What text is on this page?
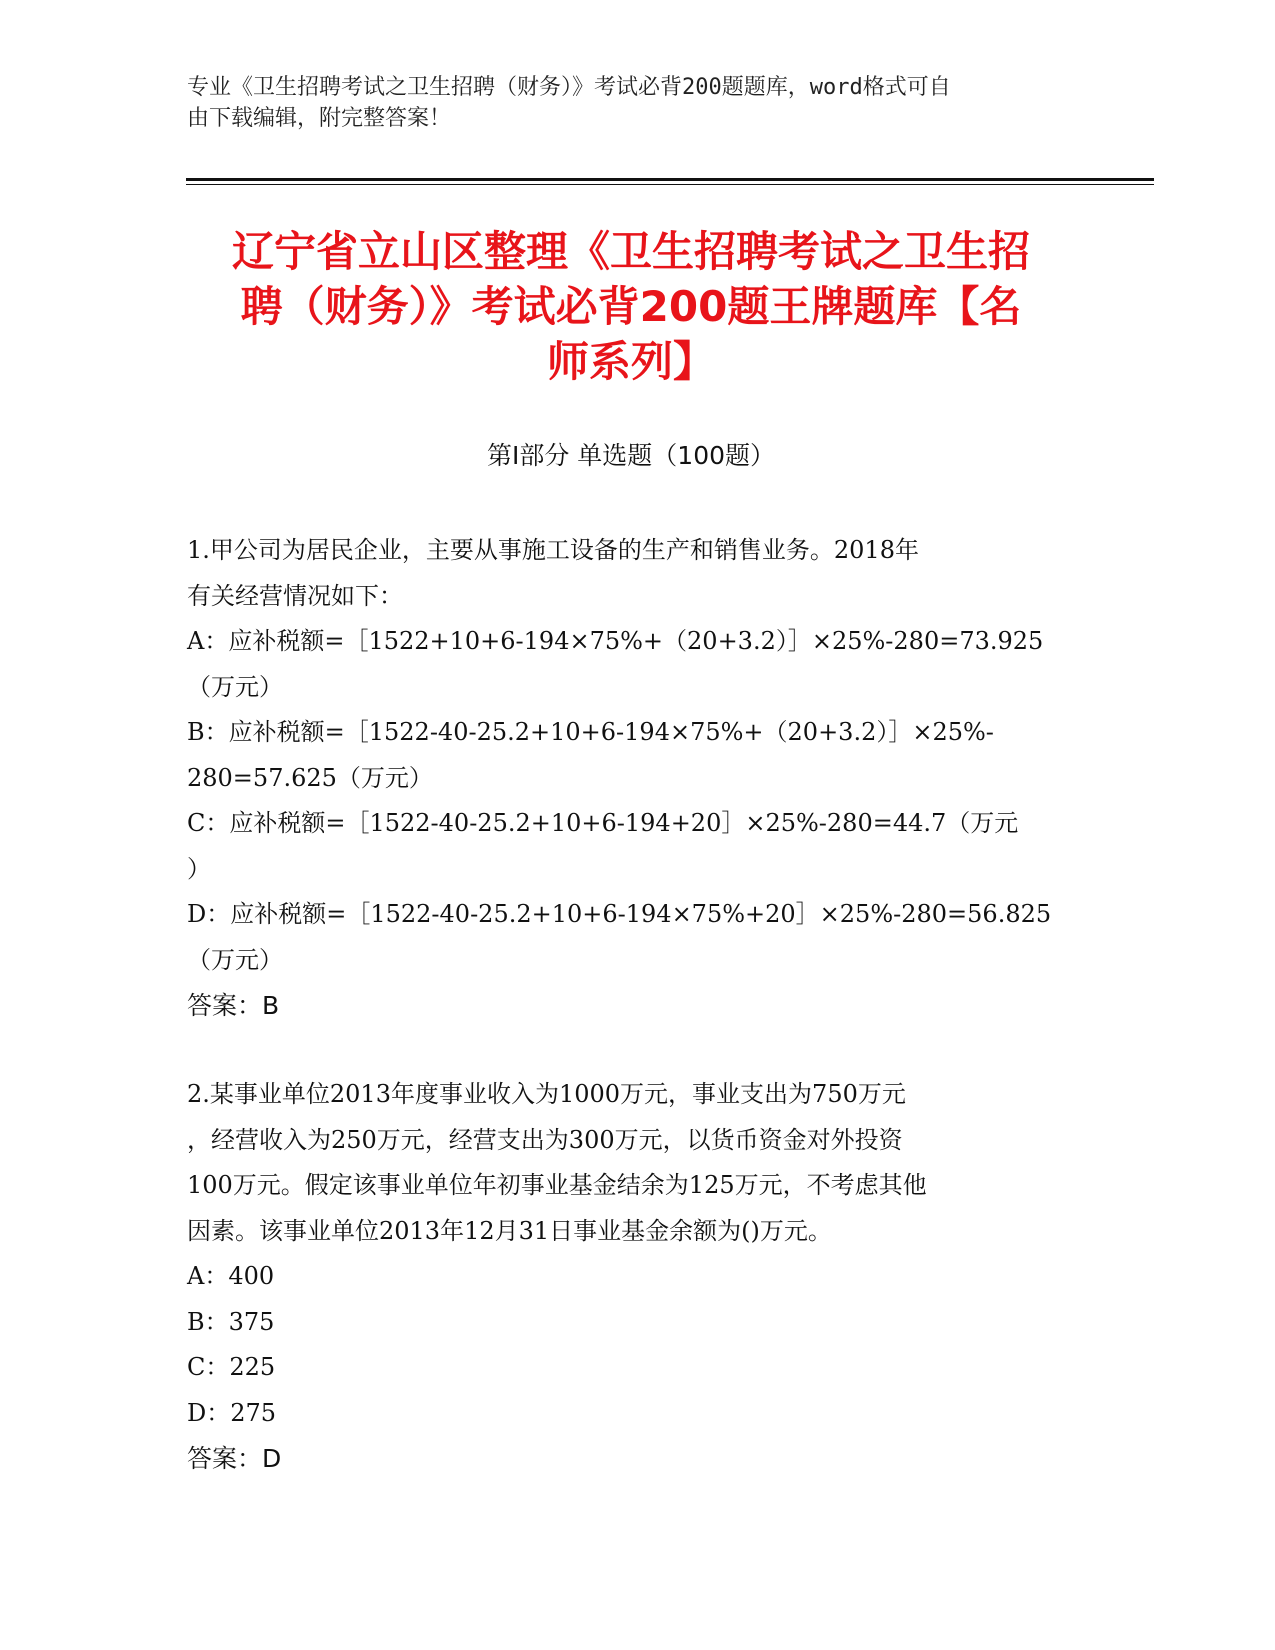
专业《卫生招聘考试之卫生招聘（财务）》考试必背200题题库，word格式可自
由下载编辑，附完整答案！
辽宁省立山区整理《卫生招聘考试之卫生招
聘（财务）》考试必背200题王牌题库【名
师系列】
第I部分 单选题（100题）
1.甲公司为居民企业，主要从事施工设备的生产和销售业务。2018年
有关经营情况如下：
A：应补税额=［1522+10+6-194×75%+（20+3.2）］×25%-280=73.925
（万元）
B：应补税额=［1522-40-25.2+10+6-194×75%+（20+3.2）］×25%-
280=57.625（万元）
C：应补税额=［1522-40-25.2+10+6-194+20］×25%-280=44.7（万元
）
D：应补税额=［1522-40-25.2+10+6-194×75%+20］×25%-280=56.825
（万元）
答案：B
2.某事业单位2013年度事业收入为1000万元，事业支出为750万元
，经营收入为250万元，经营支出为300万元，以货币资金对外投资
100万元。假定该事业单位年初事业基金结余为125万元，不考虑其他
因素。该事业单位2013年12月31日事业基金余额为()万元。
A：400
B：375
C：225
D：275
答案：D
